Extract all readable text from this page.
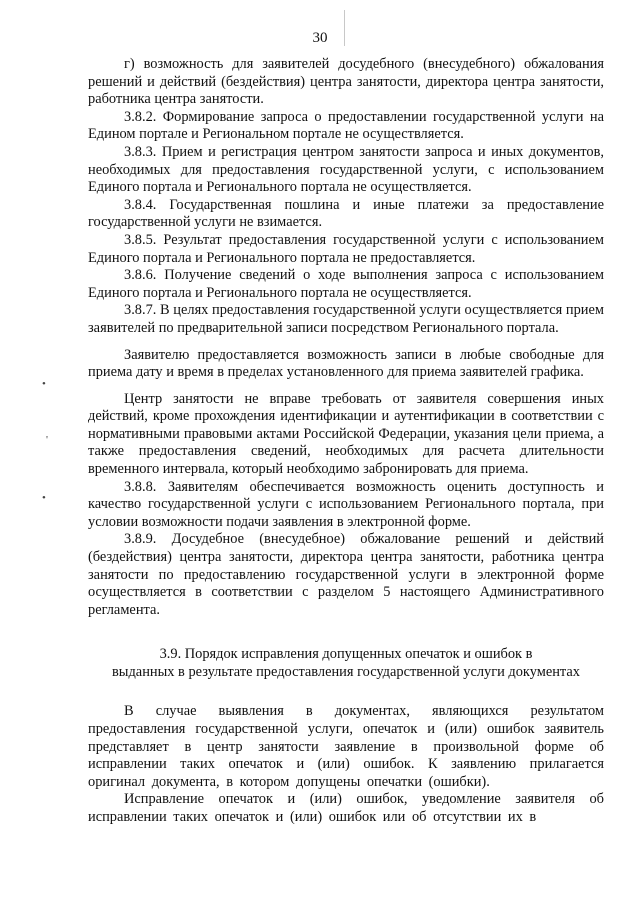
30
•
'
•

г) возможность для заявителей досудебного (внесудебного) обжалования решений и действий (бездействия) центра занятости, директора центра занятости, работника центра занятости.

3.8.2. Формирование запроса о предоставлении государственной услуги на Едином портале и Региональном портале не осуществляется.

3.8.3. Прием и регистрация центром занятости запроса и иных документов, необходимых для предоставления государственной услуги, с использованием Единого портала и Регионального портала не осуществляется.

3.8.4. Государственная пошлина и иные платежи за предоставление государственной услуги не взимается.

3.8.5. Результат предоставления государственной услуги с использованием Единого портала и Регионального портала не предоставляется.

3.8.6. Получение сведений о ходе выполнения запроса с использованием Единого портала и Регионального портала не осуществляется.

3.8.7. В целях предоставления государственной услуги осуществляется прием заявителей по предварительной записи посредством Регионального портала.

Заявителю предоставляется возможность записи в любые свободные для приема дату и время в пределах установленного для приема заявителей графика.

Центр занятости не вправе требовать от заявителя совершения иных действий, кроме прохождения идентификации и аутентификации в соответствии с нормативными правовыми актами Российской Федерации, указания цели приема, а также предоставления сведений, необходимых для расчета длительности временного интервала, который необходимо забронировать для приема.

3.8.8. Заявителям обеспечивается возможность оценить доступность и качество государственной услуги с использованием Регионального портала, при условии возможности подачи заявления в электронной форме.

3.8.9. Досудебное (внесудебное) обжалование решений и действий (бездействия) центра занятости, директора центра занятости, работника центра занятости по предоставлению государственной услуги в электронной форме осуществляется в соответствии с разделом 5 настоящего Административного регламента.

3.9. Порядок исправления допущенных опечаток и ошибок в
выданных в результате предоставления государственной услуги документах

В случае выявления в документах, являющихся результатом предоставления государственной услуги, опечаток и (или) ошибок заявитель представляет в центр занятости заявление в произвольной форме об исправлении таких опечаток и (или) ошибок. К заявлению прилагается оригинал документа, в котором допущены опечатки (ошибки).

Исправление опечаток и (или) ошибок, уведомление заявителя об исправлении таких опечаток и (или) ошибок или об отсутствии их в
